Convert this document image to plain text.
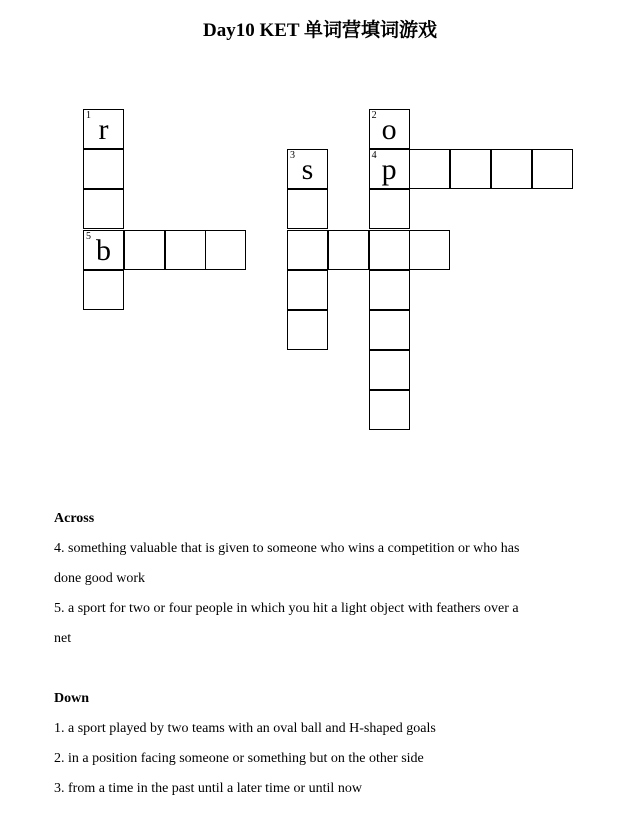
Day10 KET 单词营填词游戏
1 r
5 b
3 s
2 o
4 p
Across
4. something valuable that is given to someone who wins a competition or who has
done good work
5. a sport for two or four people in which you hit a light object with feathers over a
net
Down
1. a sport played by two teams with an oval ball and H-shaped goals
2. in a position facing someone or something but on the other side
3. from a time in the past until a later time or until now
